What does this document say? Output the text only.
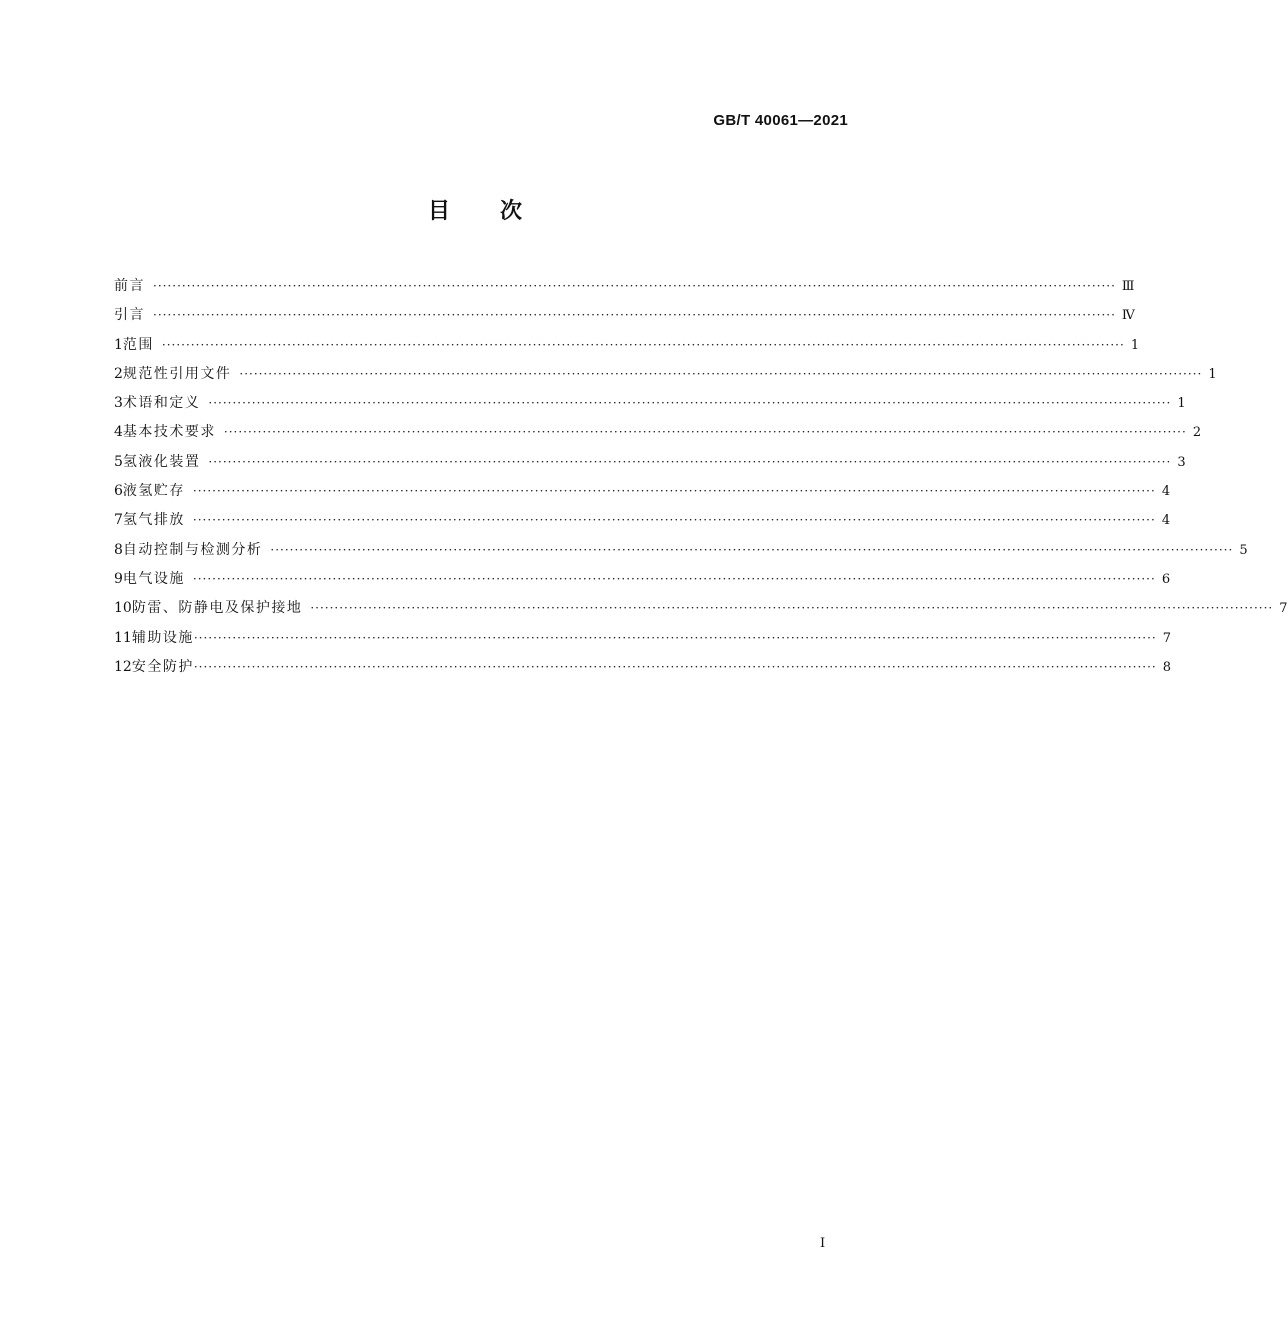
GB/T 40061—2021
目次
前言 ········································································································································································································ Ⅲ
引言 ········································································································································································································ Ⅳ
1 范围 ········································································································································································································ 1
2 规范性引用文件 ········································································································································································································ 1
3 术语和定义 ········································································································································································································ 1
4 基本技术要求 ········································································································································································································ 2
5 氢液化装置 ········································································································································································································ 3
6 液氢贮存 ········································································································································································································ 4
7 氢气排放 ········································································································································································································ 4
8 自动控制与检测分析 ········································································································································································································ 5
9 电气设施 ········································································································································································································ 6
10 防雷、防静电及保护接地 ········································································································································································································ 7
11 辅助设施 ········································································································································································································ 7
12 安全防护 ········································································································································································································ 8
I
